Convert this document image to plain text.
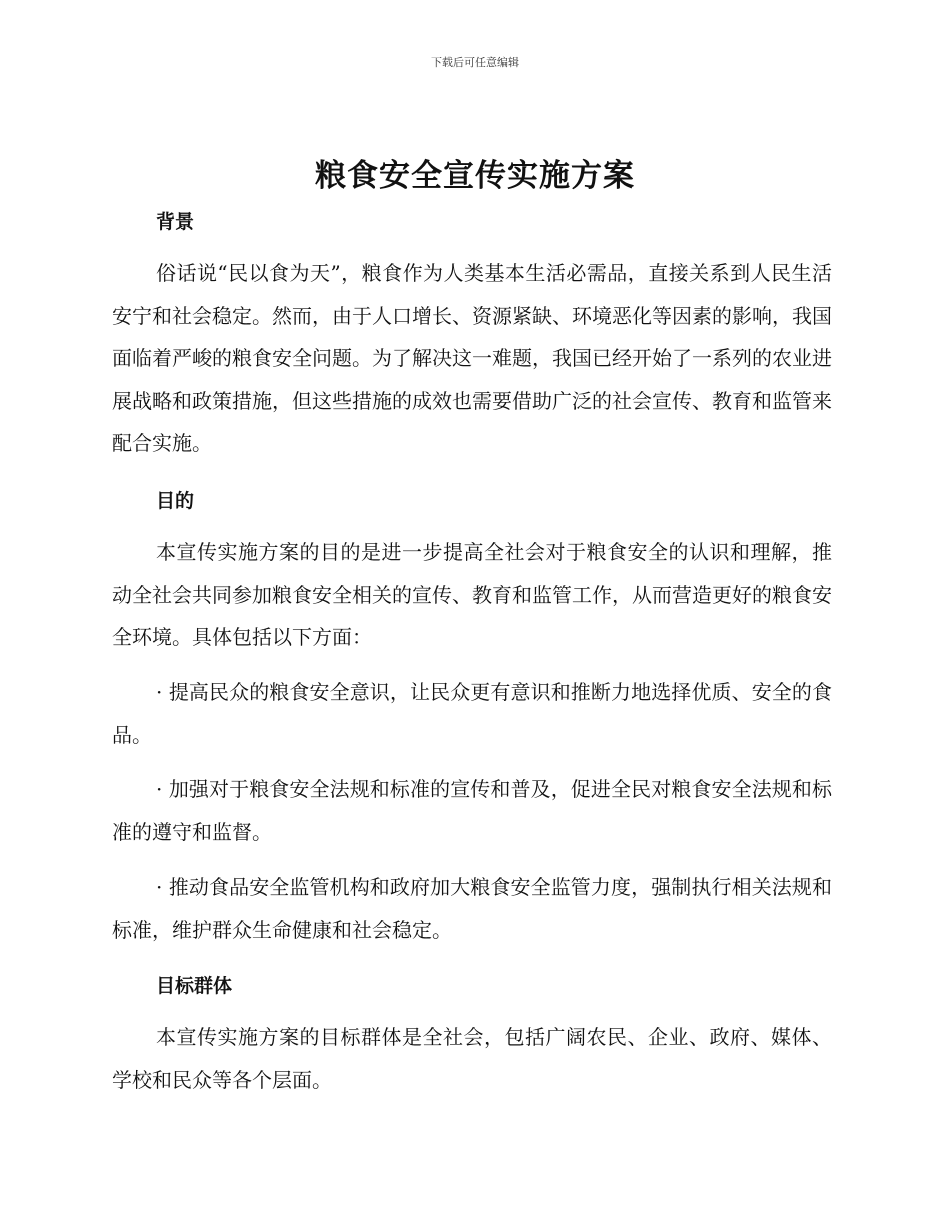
下载后可任意编辑
粮食安全宣传实施方案
背景

俗话说“民以食为天”，粮食作为人类基本生活必需品，直接关系到人民生活安宁和社会稳定。然而，由于人口增长、资源紧缺、环境恶化等因素的影响，我国面临着严峻的粮食安全问题。为了解决这一难题，我国已经开始了一系列的农业进展战略和政策措施，但这些措施的成效也需要借助广泛的社会宣传、教育和监管来配合实施。

目的

本宣传实施方案的目的是进一步提高全社会对于粮食安全的认识和理解，推动全社会共同参加粮食安全相关的宣传、教育和监管工作，从而营造更好的粮食安全环境。具体包括以下方面：

· 提高民众的粮食安全意识，让民众更有意识和推断力地选择优质、安全的食品。

· 加强对于粮食安全法规和标准的宣传和普及，促进全民对粮食安全法规和标准的遵守和监督。

· 推动食品安全监管机构和政府加大粮食安全监管力度，强制执行相关法规和标准，维护群众生命健康和社会稳定。

目标群体

本宣传实施方案的目标群体是全社会，包括广阔农民、企业、政府、媒体、学校和民众等各个层面。
